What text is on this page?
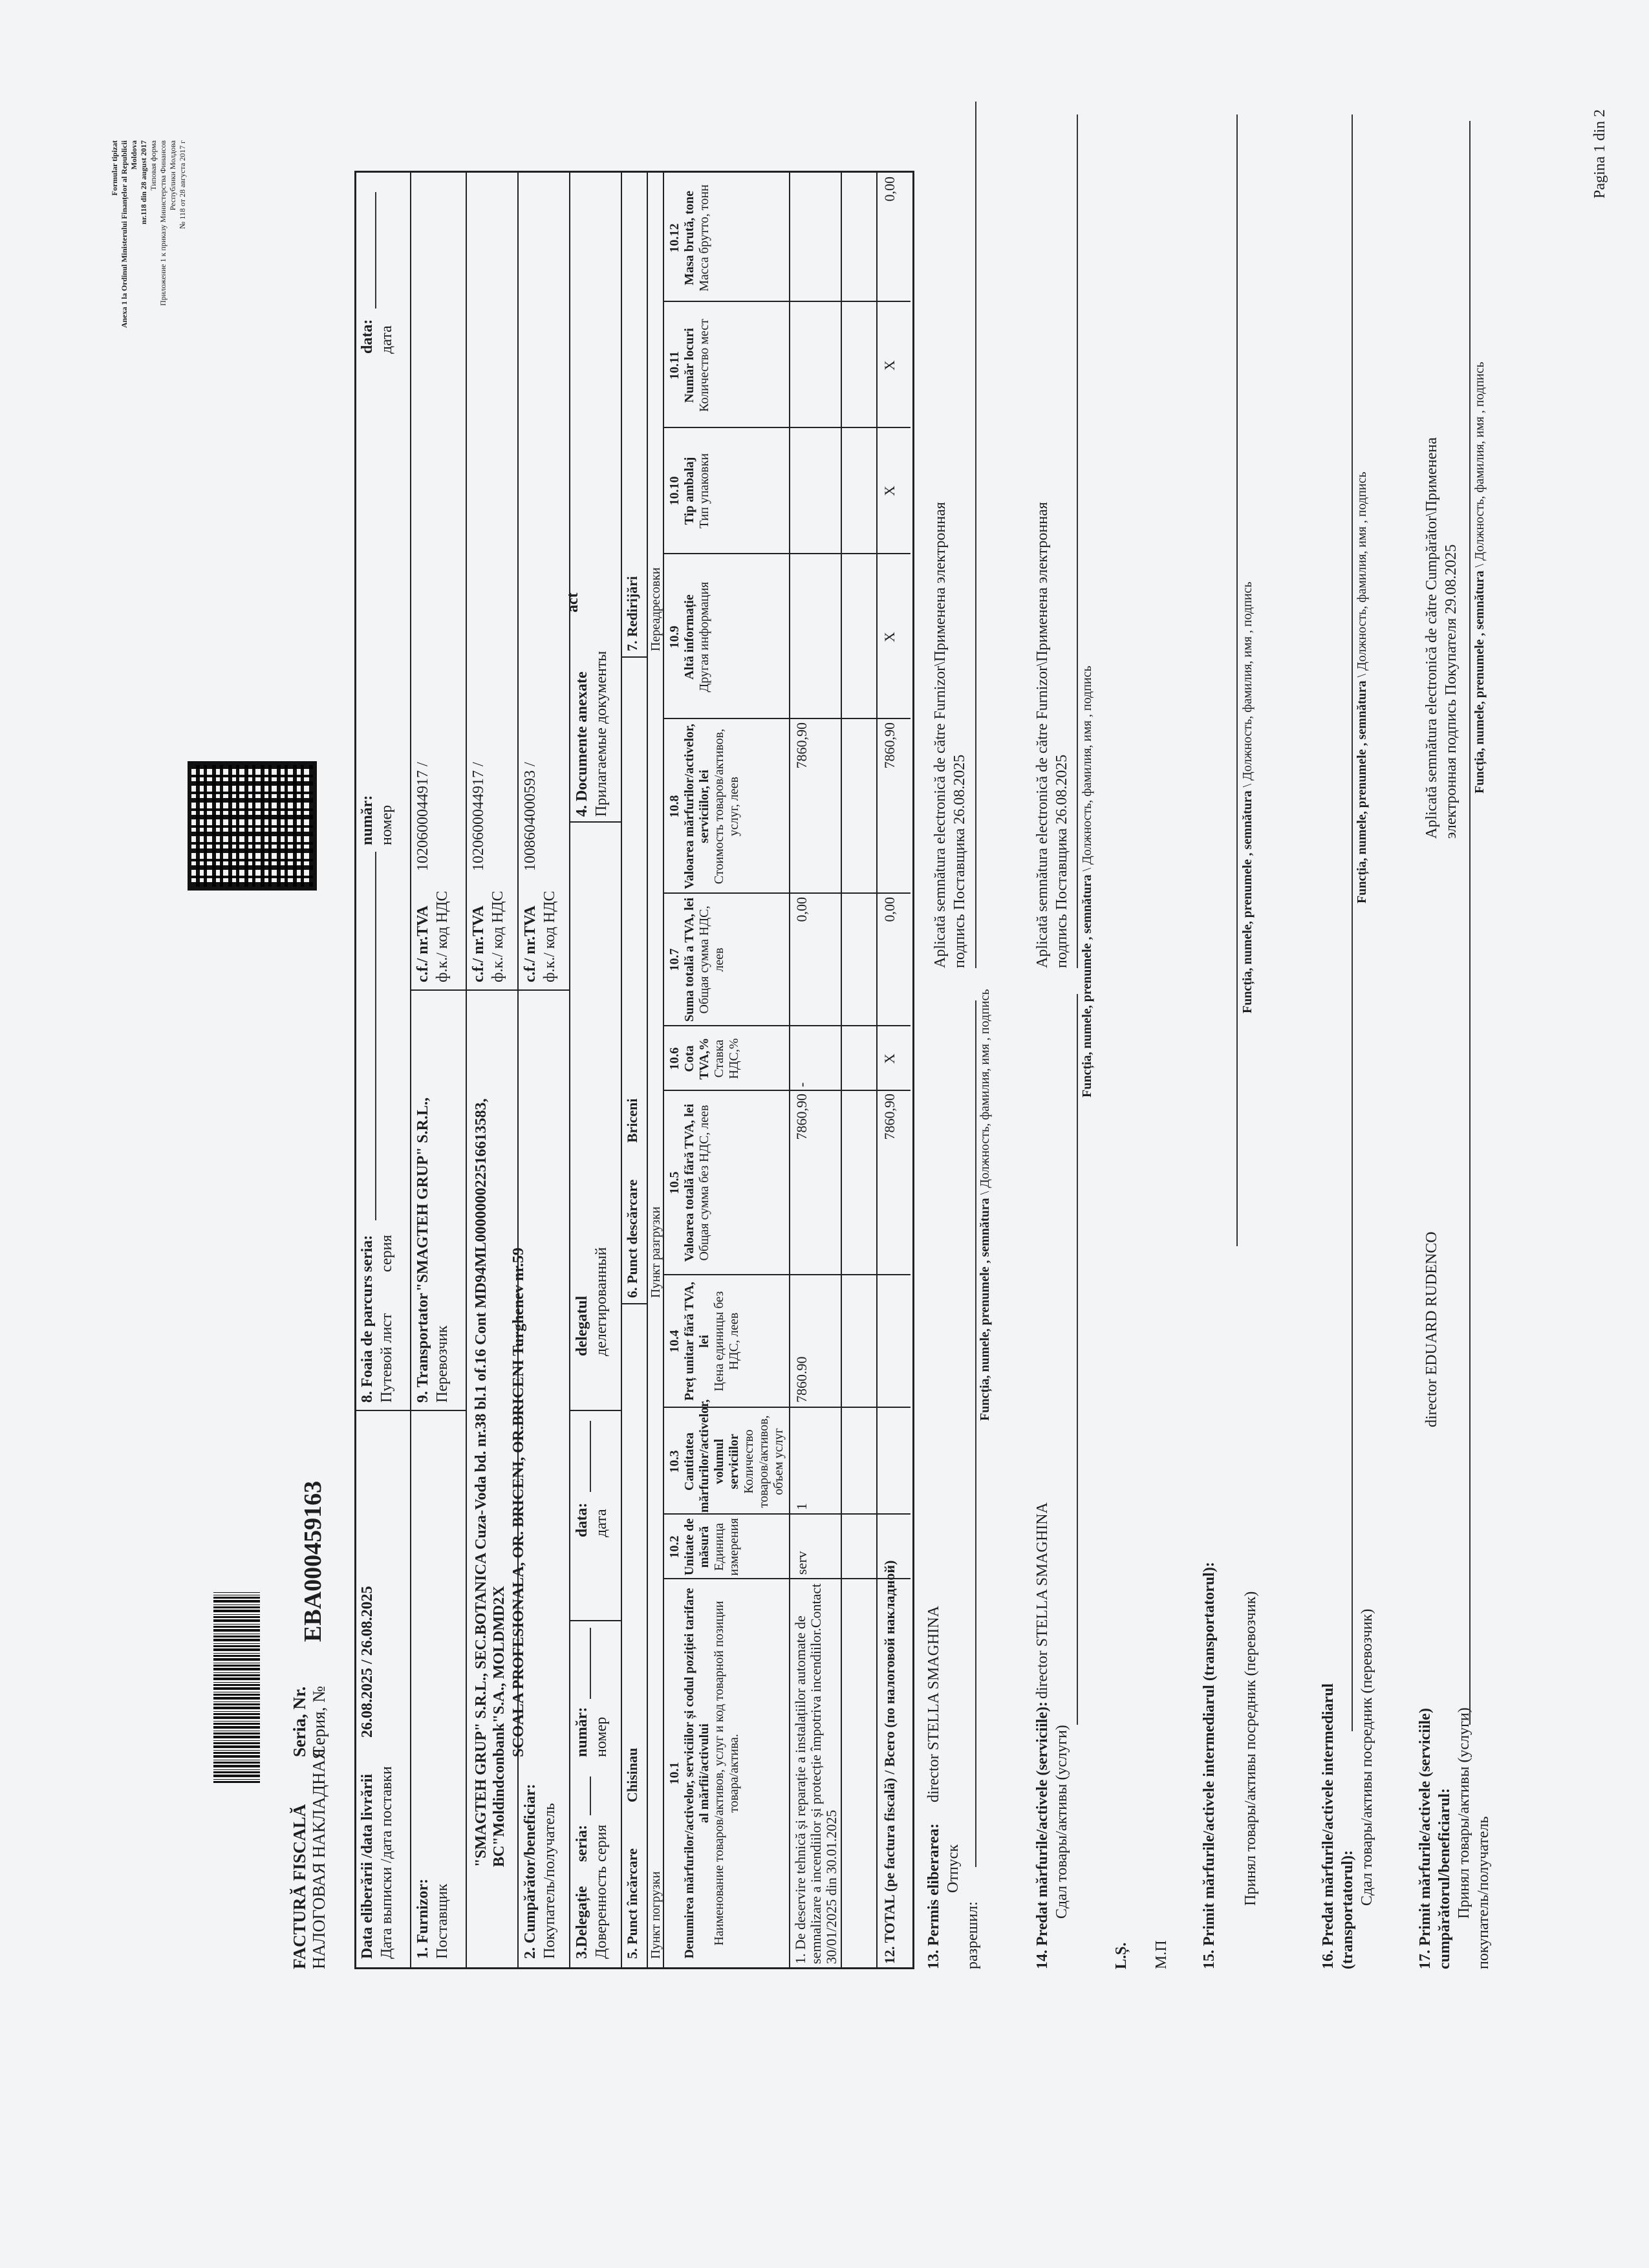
FACTURĂ FISCALĂ НАЛОГОВАЯ НАКЛАДНАЯ
Seria, Nr. Серия, №
EBA000459163
Formular tipizat Anexa 1 la Ordinul Ministerului Finanțelor al Republicii Moldova nr.118 din 28 august 2017 Типовая форма Приложение 1 к приказу Министерства Финансов Республики Молдова № 118 от 28 августа 2017 г
Data eliberării /data livrării Дата выписки /дата поставки
26.08.2025 / 26.08.2025
8. Foaia de parcurs Путевой лист
seria: серия
număr: номер
data: дата
1. Furnizor: Поставщик
9. Transportator Перевозчик
"SMAGTEH GRUP" S.R.L.,
c.f./ nr.TVA ф.к./ код НДС
1020600044917 /
"SMAGTEH GRUP" S.R.L., SEC.BOTANICA Cuza-Voda bd. nr.38 bl.1 of.16 Cont MD94ML000000022516613583, BC"Moldindconbank"S.A., MOLDMD2X
c.f./ nr.TVA ф.к./ код НДС
1020600044917 /
2. Cumpărător/beneficiar: Покупатель/получатель
SCOALA PROFESIONALA, OR. BRICENI, OR.BRICENI Turghenev nr.59
c.f./ nr.TVA ф.к./ код НДС
1008604000593 /
3.Delegație Доверенность
seria: серия
număr: номер
data: дата
delegatul делегированный
4. Documente anexate Прилагаемые документы
act
5. Punct încărcare
Chisinau
6. Punct descărcare
Briceni
7. Redirijări
Пункт погрузки
Пункт разгрузки
Переадресовки
10.1 Denumirea mărfurilor/activelor, serviciilor și codul poziției tarifare al mărfii/activului Наименование товаров/активов, услуг и код товарной позиции товара/актива.
10.2 Unitate de măsură Единица измерения
10.3 Cantitatea mărfurilor/activelor, volumul serviciilor Количество товаров/активов, объем услуг
10.4 Preț unitar fără TVA, lei Цена единицы без НДС, леев
10.5 Valoarea totală fără TVA, lei Общая сумма без НДС, леев
10.6 Cota TVA,% Ставка НДС,%
10.7 Suma totală a TVA, lei Общая сумма НДС, леев
10.8 Valoarea mărfurilor/activelor, serviciilor, lei Стоимость товаров/активов, услуг, леев
10.9 Altă informație Другая информация
10.10 Tip ambalaj Тип упаковки
10.11 Număr locuri Количество мест
10.12 Masa brută, tone Масса брутто, тонн
1. De deservire tehnică și reparație a instalațiilor automate de semnalizare a incendiilor și protecție împotriva incendiilor.Contact 30/01/2025 din 30.01.2025
serv
1
7860.90
7860,90
-
0,00
7860,90
12. TOTAL (pe factura fiscală) / Всего (по налоговой накладной)
7860,90
X
0,00
7860,90
X
X
X
0,00
13. Permis eliberarea:
director STELLA SMAGHINA
Отпуск
разрешил:
Funcția, numele, prenumele , semnătura \ Должность, фамилия, имя , подпись
Aplicată semnătura electronică de către Furnizor\Применена электронная подпись Поставщика 26.08.2025
14. Predat mărfurile/activele (serviciile):
director STELLA SMAGHINA
Сдал товары/активы (услуги)
Funcția, numele, prenumele , semnătura \ Должность, фамилия, имя , подпись
Aplicată semnătura electronică de către Furnizor\Применена электронная подпись Поставщика 26.08.2025
L.Ș. М.П 15. Primit mărfurile/activele intermediarul (transportatorul): Принял товары/активы посредник (перевозчик)
Funcția, numele, prenumele , semnătura \ Должность, фамилия, имя , подпись
16. Predat mărfurile/activele intermediarul (transportatorul):
Сдал товары/активы посредник (перевозчик)
Funcția, numele, prenumele , semnătura \ Должность, фамилия, имя , подпись
17. Primit mărfurile/activele (serviciile) cumpărătorul/beneficiarul: Принял товары/активы (услуги) покупатель/получатель
director EDUARD RUDENCO
Funcția, numele, prenumele , semnătura \ Должность, фамилия, имя , подпись
Aplicată semnătura electronică de către Cumpărător\Применена электронная подпись Покупателя 29.08.2025
Pagina 1 din 2
